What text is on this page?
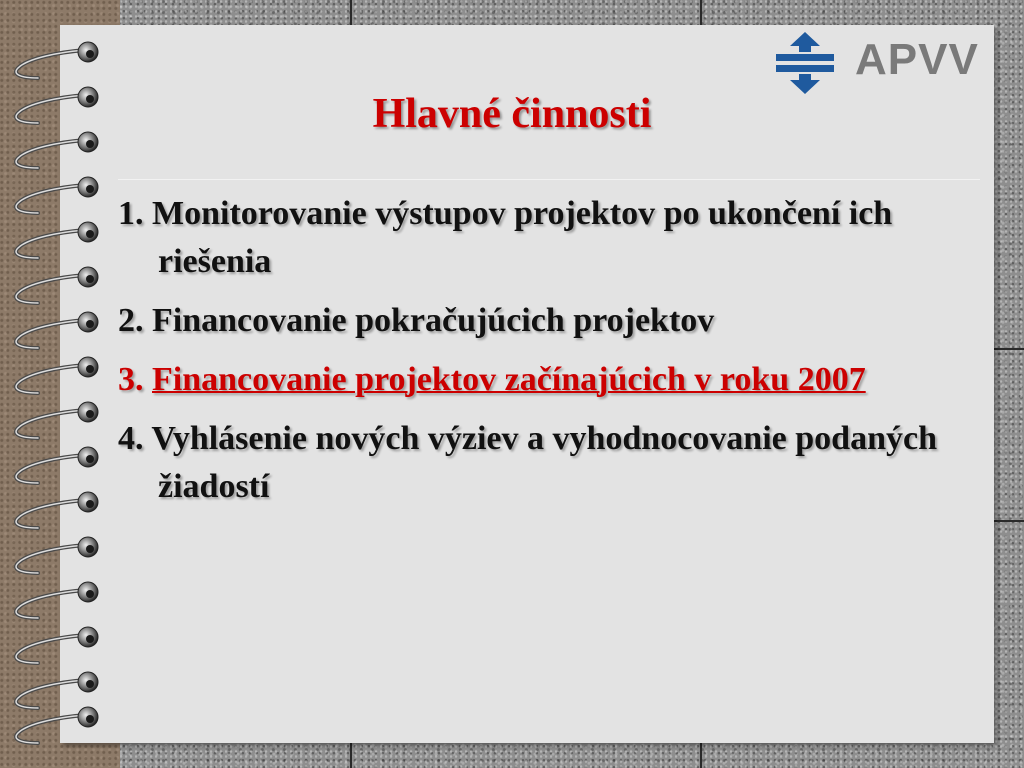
APVV
Hlavné činnosti
1. Monitorovanie výstupov projektov po ukončení ich riešenia
2. Financovanie pokračujúcich projektov
3. Financovanie projektov začínajúcich v roku 2007
4. Vyhlásenie nových výziev a vyhodnocovanie podaných žiadostí
